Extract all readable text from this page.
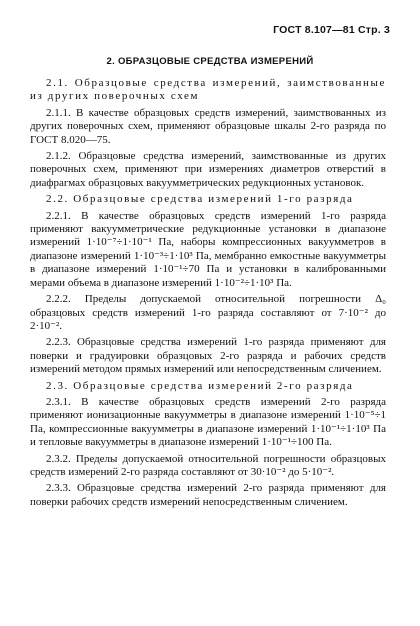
ГОСТ 8.107—81 Стр. 3
2. ОБРАЗЦОВЫЕ СРЕДСТВА ИЗМЕРЕНИЙ

2.1. Образцовые средства измерений, заимствованные из других поверочных схем

2.1.1. В качестве образцовых средств измерений, заимствованных из других поверочных схем, применяют образцовые шкалы 2-го разряда по ГОСТ 8.020—75.

2.1.2. Образцовые средства измерений, заимствованные из других поверочных схем, применяют при измерениях диаметров отверстий в диафрагмах образцовых вакуумметрических редукционных установок.

2.2. Образцовые средства измерений 1-го разряда

2.2.1. В качестве образцовых средств измерений 1-го разряда применяют вакуумметрические редукционные установки в диапазоне измерений 1·10⁻⁷÷1·10⁻¹ Па, наборы компрессионных вакуумметров в диапазоне измерений 1·10⁻³÷1·10³ Па, мембранно емкостные вакуумметры в диапазоне измерений 1·10⁻¹÷70 Па и установки в калиброванными мерами объема в диапазоне измерений 1·10⁻²÷1·10³ Па.

2.2.2. Пределы допускаемой относительной погрешности Δ₀ образцовых средств измерений 1-го разряда составляют от 7·10⁻² до 2·10⁻².

2.2.3. Образцовые средства измерений 1-го разряда применяют для поверки и градуировки образцовых 2-го разряда и рабочих средств измерений методом прямых измерений или непосредственным сличением.

2.3. Образцовые средства измерений 2-го разряда

2.3.1. В качестве образцовых средств измерений 2-го разряда применяют ионизационные вакуумметры в диапазоне измерений 1·10⁻⁵÷1 Па, компрессионные вакуумметры в диапазоне измерений 1·10⁻¹÷1·10³ Па и тепловые вакуумметры в диапазоне измерений 1·10⁻¹÷100 Па.

2.3.2. Пределы допускаемой относительной погрешности образцовых средств измерений 2-го разряда составляют от 30·10⁻² до 5·10⁻².

2.3.3. Образцовые средства измерений 2-го разряда применяют для поверки рабочих средств измерений непосредственным сличением.
